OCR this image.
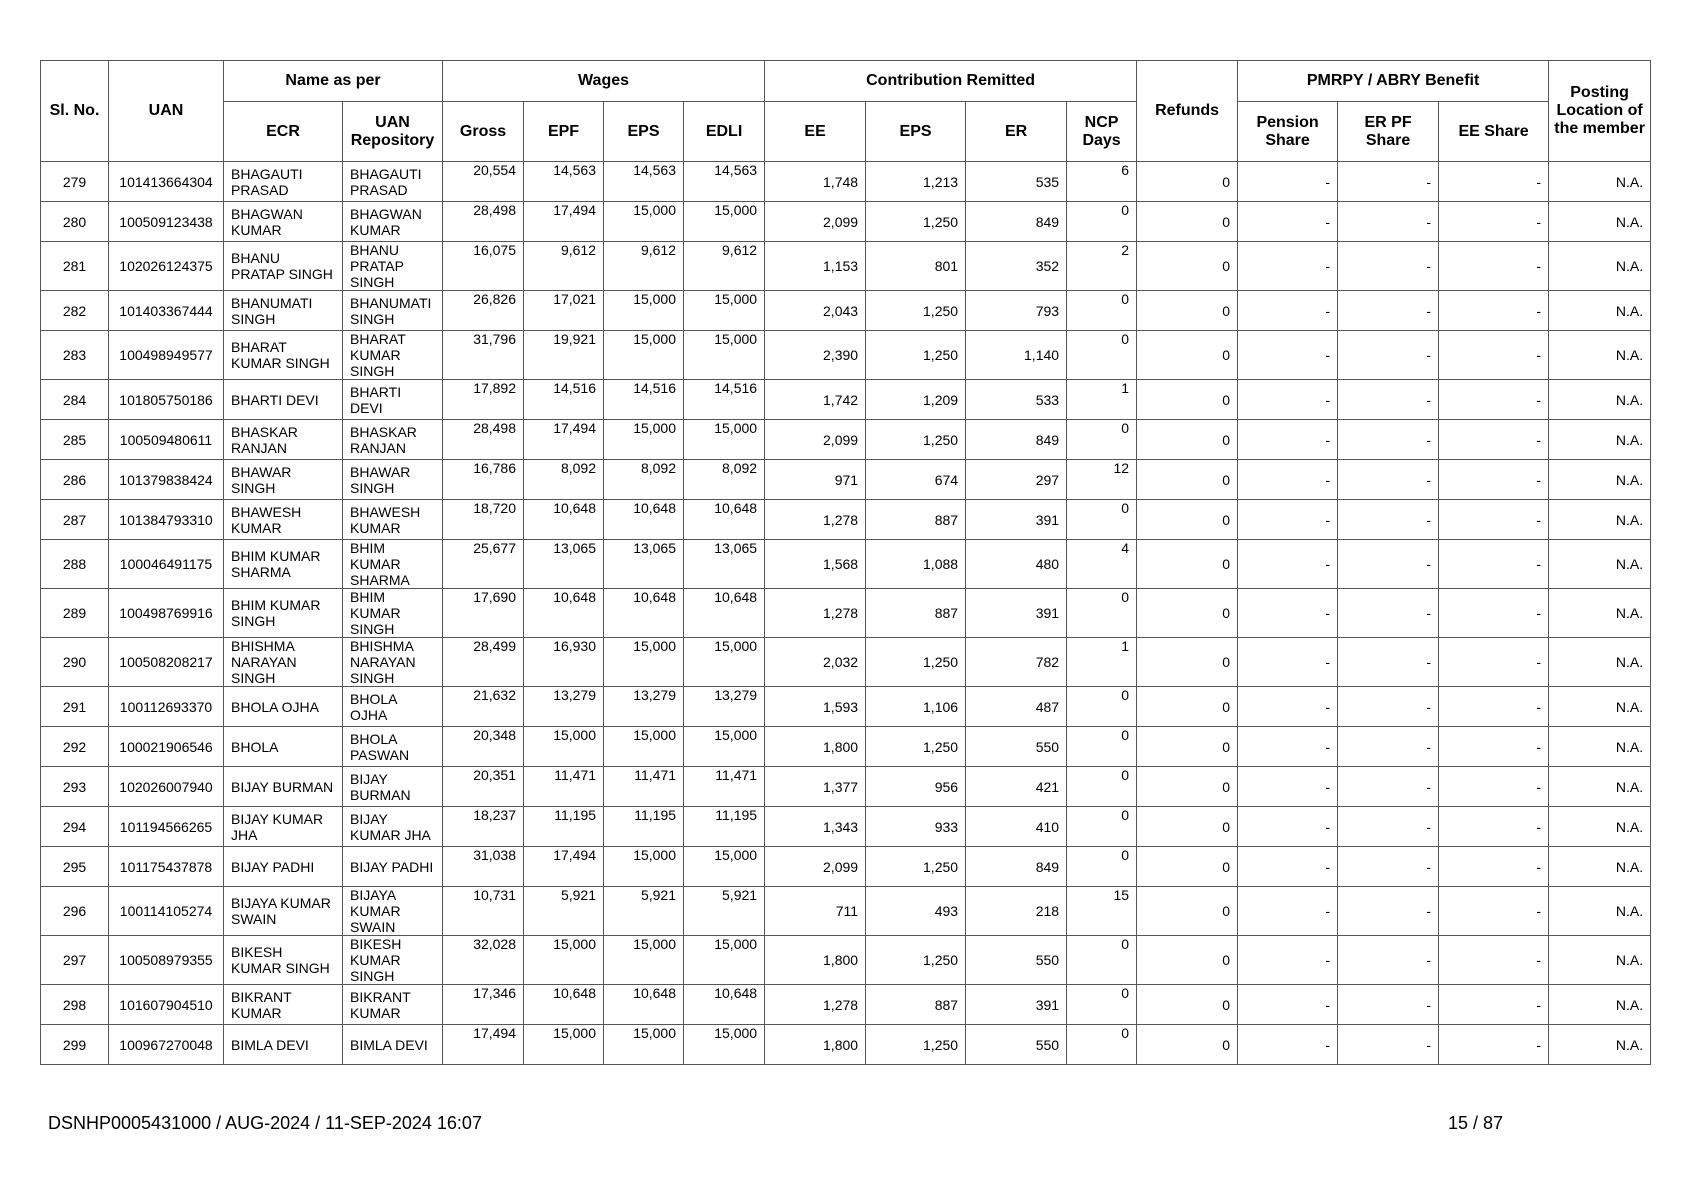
Sl. No.	UAN	Name as per		Wages				Contribution Remitted				Refunds	PMRPY / ABRY Benefit			Posting Location of the member
		ECR	UAN Repository	Gross	EPF	EPS	EDLI	EE	EPS	ER	NCP Days		Pension Share	ER PF Share	EE Share	
279	101413664304	BHAGAUTI PRASAD	BHAGAUTI PRASAD	20,554	14,563	14,563	14,563	1,748	1,213	535	6	0	-	-	-	N.A.
280	100509123438	BHAGWAN KUMAR	BHAGWAN KUMAR	28,498	17,494	15,000	15,000	2,099	1,250	849	0	0	-	-	-	N.A.
281	102026124375	BHANU PRATAP SINGH	BHANU PRATAP SINGH	16,075	9,612	9,612	9,612	1,153	801	352	2	0	-	-	-	N.A.
282	101403367444	BHANUMATI SINGH	BHANUMATI SINGH	26,826	17,021	15,000	15,000	2,043	1,250	793	0	0	-	-	-	N.A.
283	100498949577	BHARAT KUMAR SINGH	BHARAT KUMAR SINGH	31,796	19,921	15,000	15,000	2,390	1,250	1,140	0	0	-	-	-	N.A.
284	101805750186	BHARTI DEVI	BHARTI DEVI	17,892	14,516	14,516	14,516	1,742	1,209	533	1	0	-	-	-	N.A.
285	100509480611	BHASKAR RANJAN	BHASKAR RANJAN	28,498	17,494	15,000	15,000	2,099	1,250	849	0	0	-	-	-	N.A.
286	101379838424	BHAWAR SINGH	BHAWAR SINGH	16,786	8,092	8,092	8,092	971	674	297	12	0	-	-	-	N.A.
287	101384793310	BHAWESH KUMAR	BHAWESH KUMAR	18,720	10,648	10,648	10,648	1,278	887	391	0	0	-	-	-	N.A.
288	100046491175	BHIM KUMAR SHARMA	BHIM KUMAR SHARMA	25,677	13,065	13,065	13,065	1,568	1,088	480	4	0	-	-	-	N.A.
289	100498769916	BHIM KUMAR SINGH	BHIM KUMAR SINGH	17,690	10,648	10,648	10,648	1,278	887	391	0	0	-	-	-	N.A.
290	100508208217	BHISHMA NARAYAN SINGH	BHISHMA NARAYAN SINGH	28,499	16,930	15,000	15,000	2,032	1,250	782	1	0	-	-	-	N.A.
291	100112693370	BHOLA OJHA	BHOLA OJHA	21,632	13,279	13,279	13,279	1,593	1,106	487	0	0	-	-	-	N.A.
292	100021906546	BHOLA	BHOLA PASWAN	20,348	15,000	15,000	15,000	1,800	1,250	550	0	0	-	-	-	N.A.
293	102026007940	BIJAY BURMAN	BIJAY BURMAN	20,351	11,471	11,471	11,471	1,377	956	421	0	0	-	-	-	N.A.
294	101194566265	BIJAY KUMAR JHA	BIJAY KUMAR JHA	18,237	11,195	11,195	11,195	1,343	933	410	0	0	-	-	-	N.A.
295	101175437878	BIJAY PADHI	BIJAY PADHI	31,038	17,494	15,000	15,000	2,099	1,250	849	0	0	-	-	-	N.A.
296	100114105274	BIJAYA KUMAR SWAIN	BIJAYA KUMAR SWAIN	10,731	5,921	5,921	5,921	711	493	218	15	0	-	-	-	N.A.
297	100508979355	BIKESH KUMAR SINGH	BIKESH KUMAR SINGH	32,028	15,000	15,000	15,000	1,800	1,250	550	0	0	-	-	-	N.A.
298	101607904510	BIKRANT KUMAR	BIKRANT KUMAR	17,346	10,648	10,648	10,648	1,278	887	391	0	0	-	-	-	N.A.
299	100967270048	BIMLA DEVI	BIMLA DEVI	17,494	15,000	15,000	15,000	1,800	1,250	550	0	0	-	-	-	N.A.
DSNHP0005431000 / AUG-2024 / 11-SEP-2024 16:07	15 / 87
